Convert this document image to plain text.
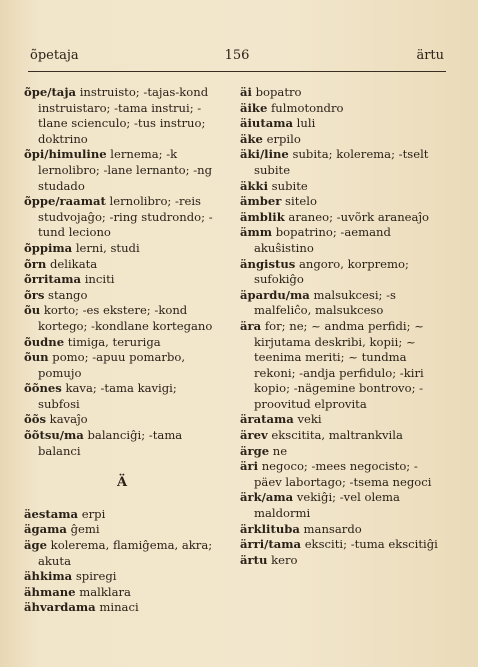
õpetaja	156	ärtu

õpe/taja instruisto; -tajas-kond instruistaro; -tama instrui; -tlane scienculo; -tus instruo; doktrino

õpi/himuline lernema; -k lernolibro; -lane lernanto; -ng studado

õppe/raamat lernolibro; -reis studvojaĝo; -ring studrondo; -tund leciono

õppima lerni, studi

õrn delikata

õrritama inciti

õrs stango

õu korto; -es ekstere; -kond kortego; -kondlane kortegano

õudne timiga, teruriga

õun pomo; -apuu pomarbo, pomujo

õõnes kava; -tama kavigi; subfosi

õõs kavaĵo

õõtsu/ma balanciĝi; -tama balanci

Ä

äestama erpi

ägama ĝemi

äge kolerema, flamiĝema, akra; akuta

ähkima spiregi

ähmane malklara

ähvardama minaci

äi bopatro

äike fulmotondro

äiutama luli

äke erpilo

äki/line subita; kolerema; -tselt subite

äkki subite

ämber sitelo

ämblik araneo; -uvõrk araneaĵo

ämm bopatrino; -aemand akuŝistino

ängistus angoro, korpremo; sufokiĝo

äpardu/ma malsukcesi; -s malfeliĉo, malsukceso

ära for; ne; ~ andma perfidi; ~ kirjutama deskribi, kopii; ~ teenima meriti; ~ tundma rekoni; -andja perfidulo; -kiri kopio; -nägemine bontrovo; -proovitud elprovita

äratama veki

ärev ekscitita, maltrankvila

ärge ne

äri negoco; -mees negocisto; -päev labortago; -tsema negoci

ärk/ama vekiĝi; -vel olema maldormi

ärklituba mansardo

ärri/tama eksciti; -tuma ekscitiĝi

ärtu kero
